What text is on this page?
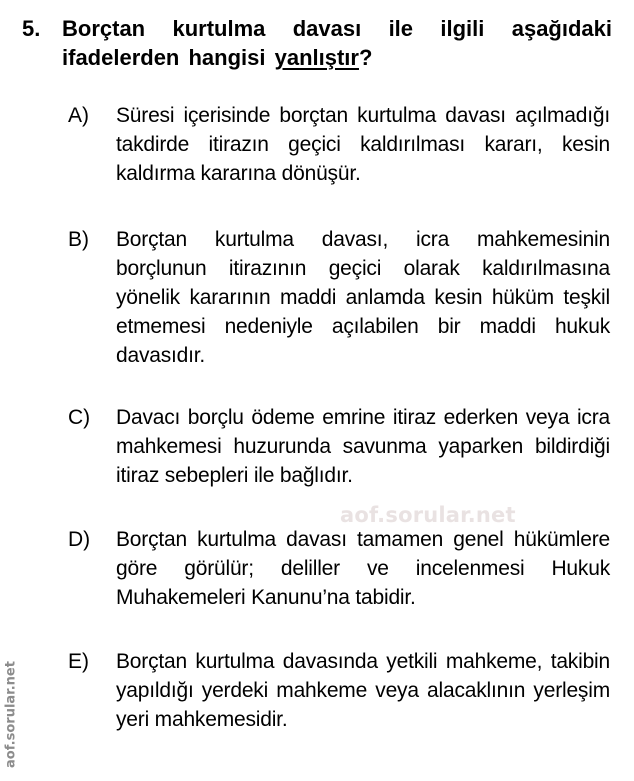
5. Borçtan kurtulma davası ile ilgili aşağıdaki ifadelerden hangisi yanlıştır?
A) Süresi içerisinde borçtan kurtulma davası açılmadığı takdirde itirazın geçici kaldırılması kararı, kesin kaldırma kararına dönüşür.
B) Borçtan kurtulma davası, icra mahkemesinin borçlunun itirazının geçici olarak kaldırılmasına yönelik kararının maddi anlamda kesin hüküm teşkil etmemesi nedeniyle açılabilen bir maddi hukuk davasıdır.
C) Davacı borçlu ödeme emrine itiraz ederken veya icra mahkemesi huzurunda savunma yaparken bildirdiği itiraz sebepleri ile bağlıdır.
D) Borçtan kurtulma davası tamamen genel hükümlere göre görülür; deliller ve incelenmesi Hukuk Muhakemeleri Kanunu’na tabidir.
E) Borçtan kurtulma davasında yetkili mahkeme, takibin yapıldığı yerdeki mahkeme veya alacaklının yerleşim yeri mahkemesidir.
aof.sorular.net
aof.sorular.net
